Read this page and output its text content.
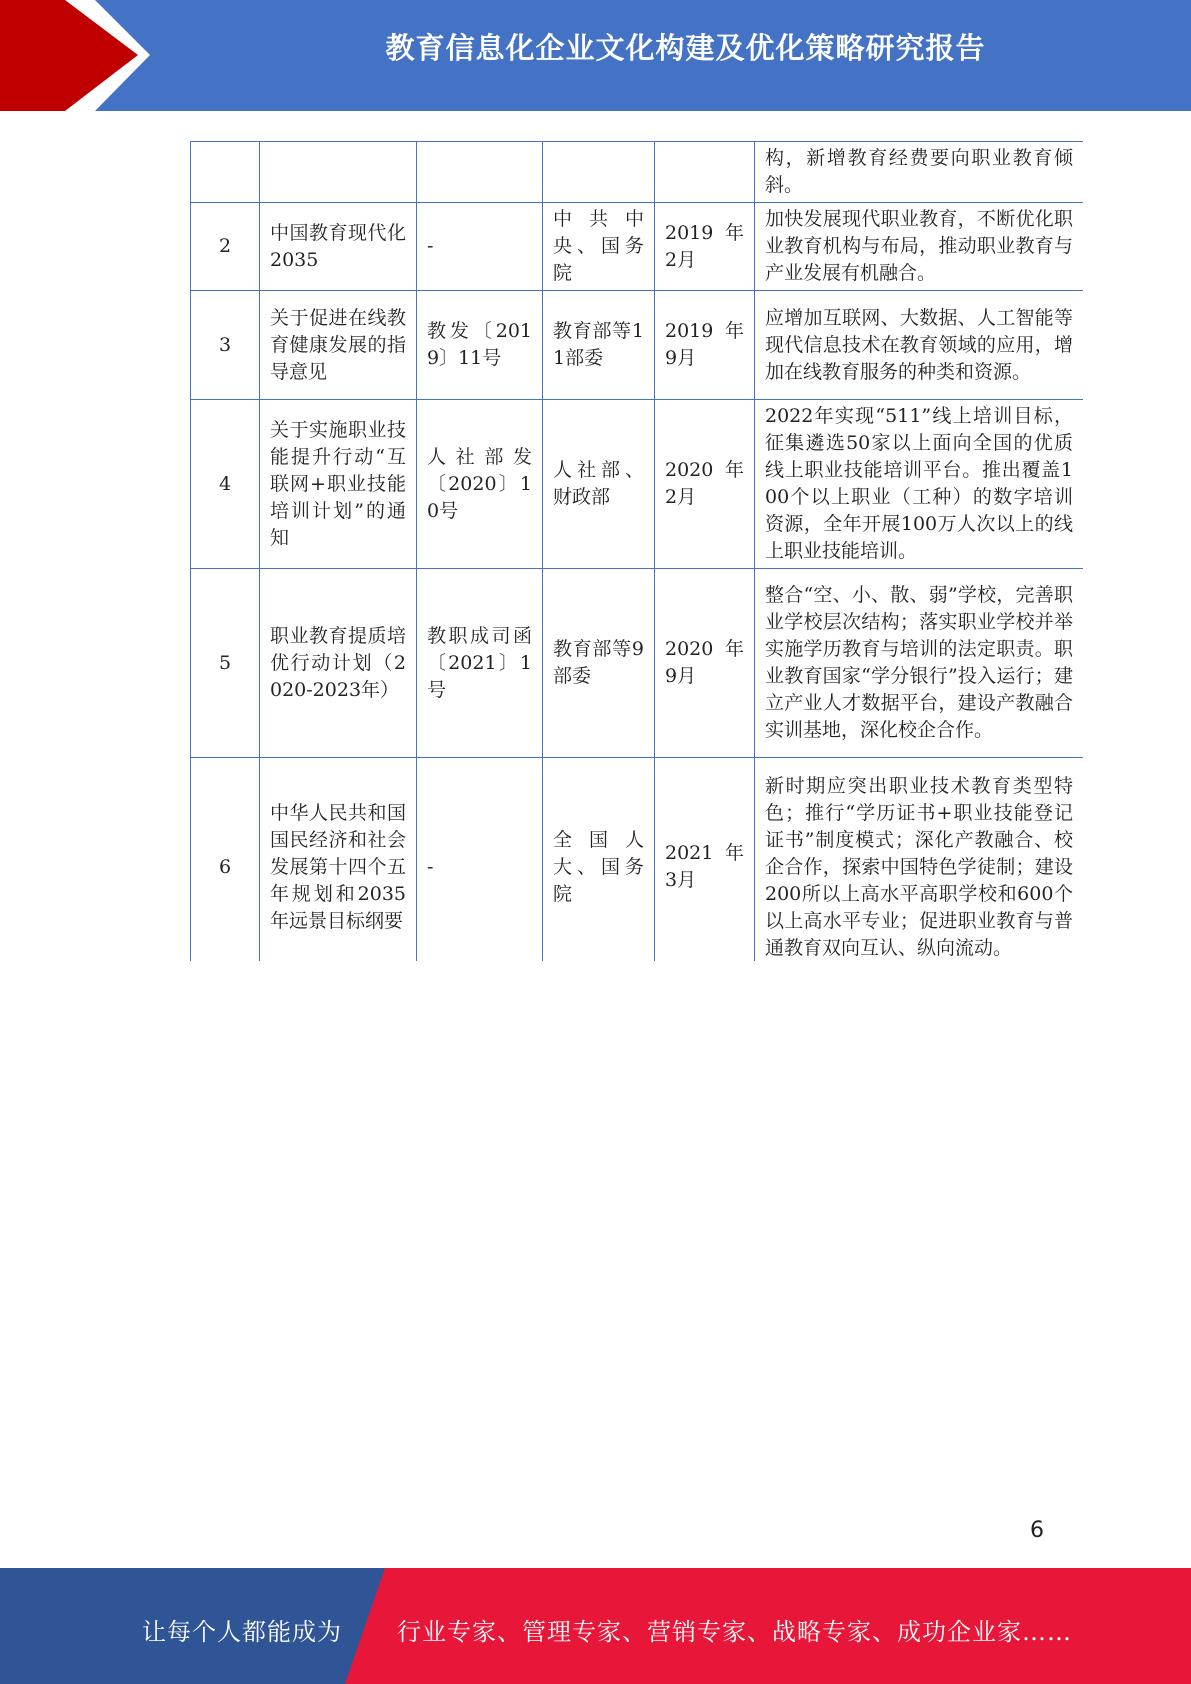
教育信息化企业文化构建及优化策略研究报告
					构，新增教育经费要向职业教育倾斜。
2	中国教育现代化2035	-	中共中央、国务院	2019年2月	加快发展现代职业教育，不断优化职业教育机构与布局，推动职业教育与产业发展有机融合。
3	关于促进在线教育健康发展的指导意见	教发〔2019〕11号	教育部等11部委	2019年9月	应增加互联网、大数据、人工智能等现代信息技术在教育领域的应用，增加在线教育服务的种类和资源。
4	关于实施职业技能提升行动“互联网+职业技能培训计划”的通知	人社部发〔2020〕10号	人社部、财政部	2020年2月	2022年实现“511”线上培训目标，征集遴选50家以上面向全国的优质线上职业技能培训平台。推出覆盖100个以上职业（工种）的数字培训资源，全年开展100万人次以上的线上职业技能培训。
5	职业教育提质培优行动计划（2020-2023年）	教职成司函〔2021〕1号	教育部等9部委	2020年9月	整合“空、小、散、弱”学校，完善职业学校层次结构；落实职业学校并举实施学历教育与培训的法定职责。职业教育国家“学分银行”投入运行；建立产业人才数据平台，建设产教融合实训基地，深化校企合作。
6	中华人民共和国国民经济和社会发展第十四个五年规划和2035年远景目标纲要	-	全国人大、国务院	2021年3月	新时期应突出职业技术教育类型特色；推行“学历证书+职业技能登记证书”制度模式；深化产教融合、校企合作，探索中国特色学徒制；建设200所以上高水平高职学校和600个以上高水平专业；促进职业教育与普通教育双向互认、纵向流动。

6
让每个人都能成为 行业专家、管理专家、营销专家、战略专家、成功企业家……
